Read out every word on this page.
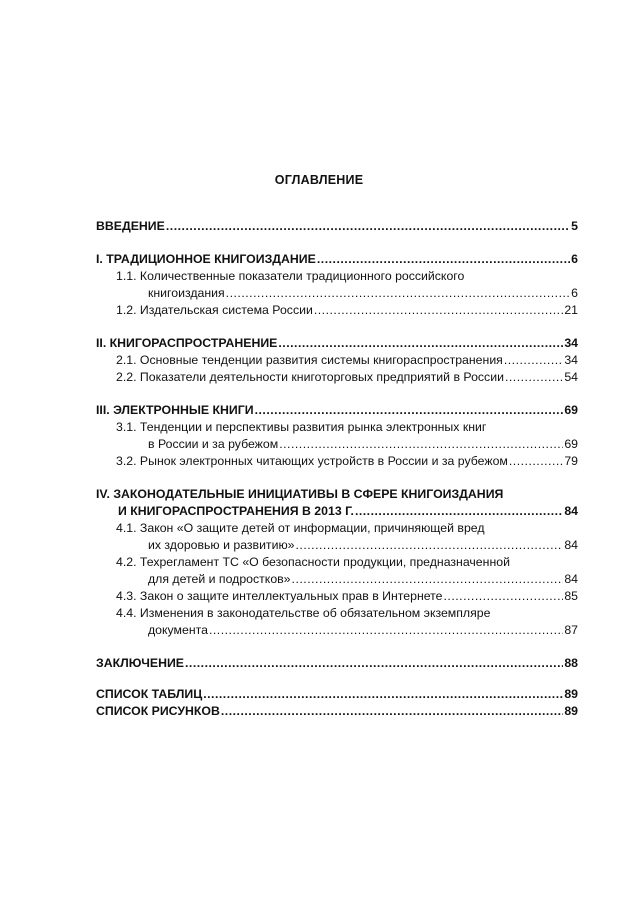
ОГЛАВЛЕНИЕ
ВВЕДЕНИЕ .....	5
I. ТРАДИЦИОННОЕ КНИГОИЗДАНИЕ .....	6
1.1. Количественные показатели традиционного российского
книгоиздания .....	6
1.2. Издательская система России .....	21
II. КНИГОРАСПРОСТРАНЕНИЕ .....	34
2.1. Основные тенденции развития системы книгораспространения .....	34
2.2. Показатели деятельности книготорговых предприятий в России .....	54
III. ЭЛЕКТРОННЫЕ КНИГИ .....	69
3.1. Тенденции и перспективы развития рынка электронных книг
в России и за рубежом .....	69
3.2. Рынок электронных читающих устройств в России и за рубежом .....	79
IV. ЗАКОНОДАТЕЛЬНЫЕ ИНИЦИАТИВЫ В СФЕРЕ КНИГОИЗДАНИЯ
И КНИГОРАСПРОСТРАНЕНИЯ В 2013 Г. .....	84
4.1. Закон «О защите детей от информации, причиняющей вред
их здоровью и развитию» .....	84
4.2. Техрегламент ТС «О безопасности продукции, предназначенной
для детей и подростков» .....	84
4.3. Закон о защите интеллектуальных прав в Интернете .....	85
4.4. Изменения в законодательстве об обязательном экземпляре
документа .....	87
ЗАКЛЮЧЕНИЕ .....	88
СПИСОК ТАБЛИЦ .....	89
СПИСОК РИСУНКОВ .....	89
